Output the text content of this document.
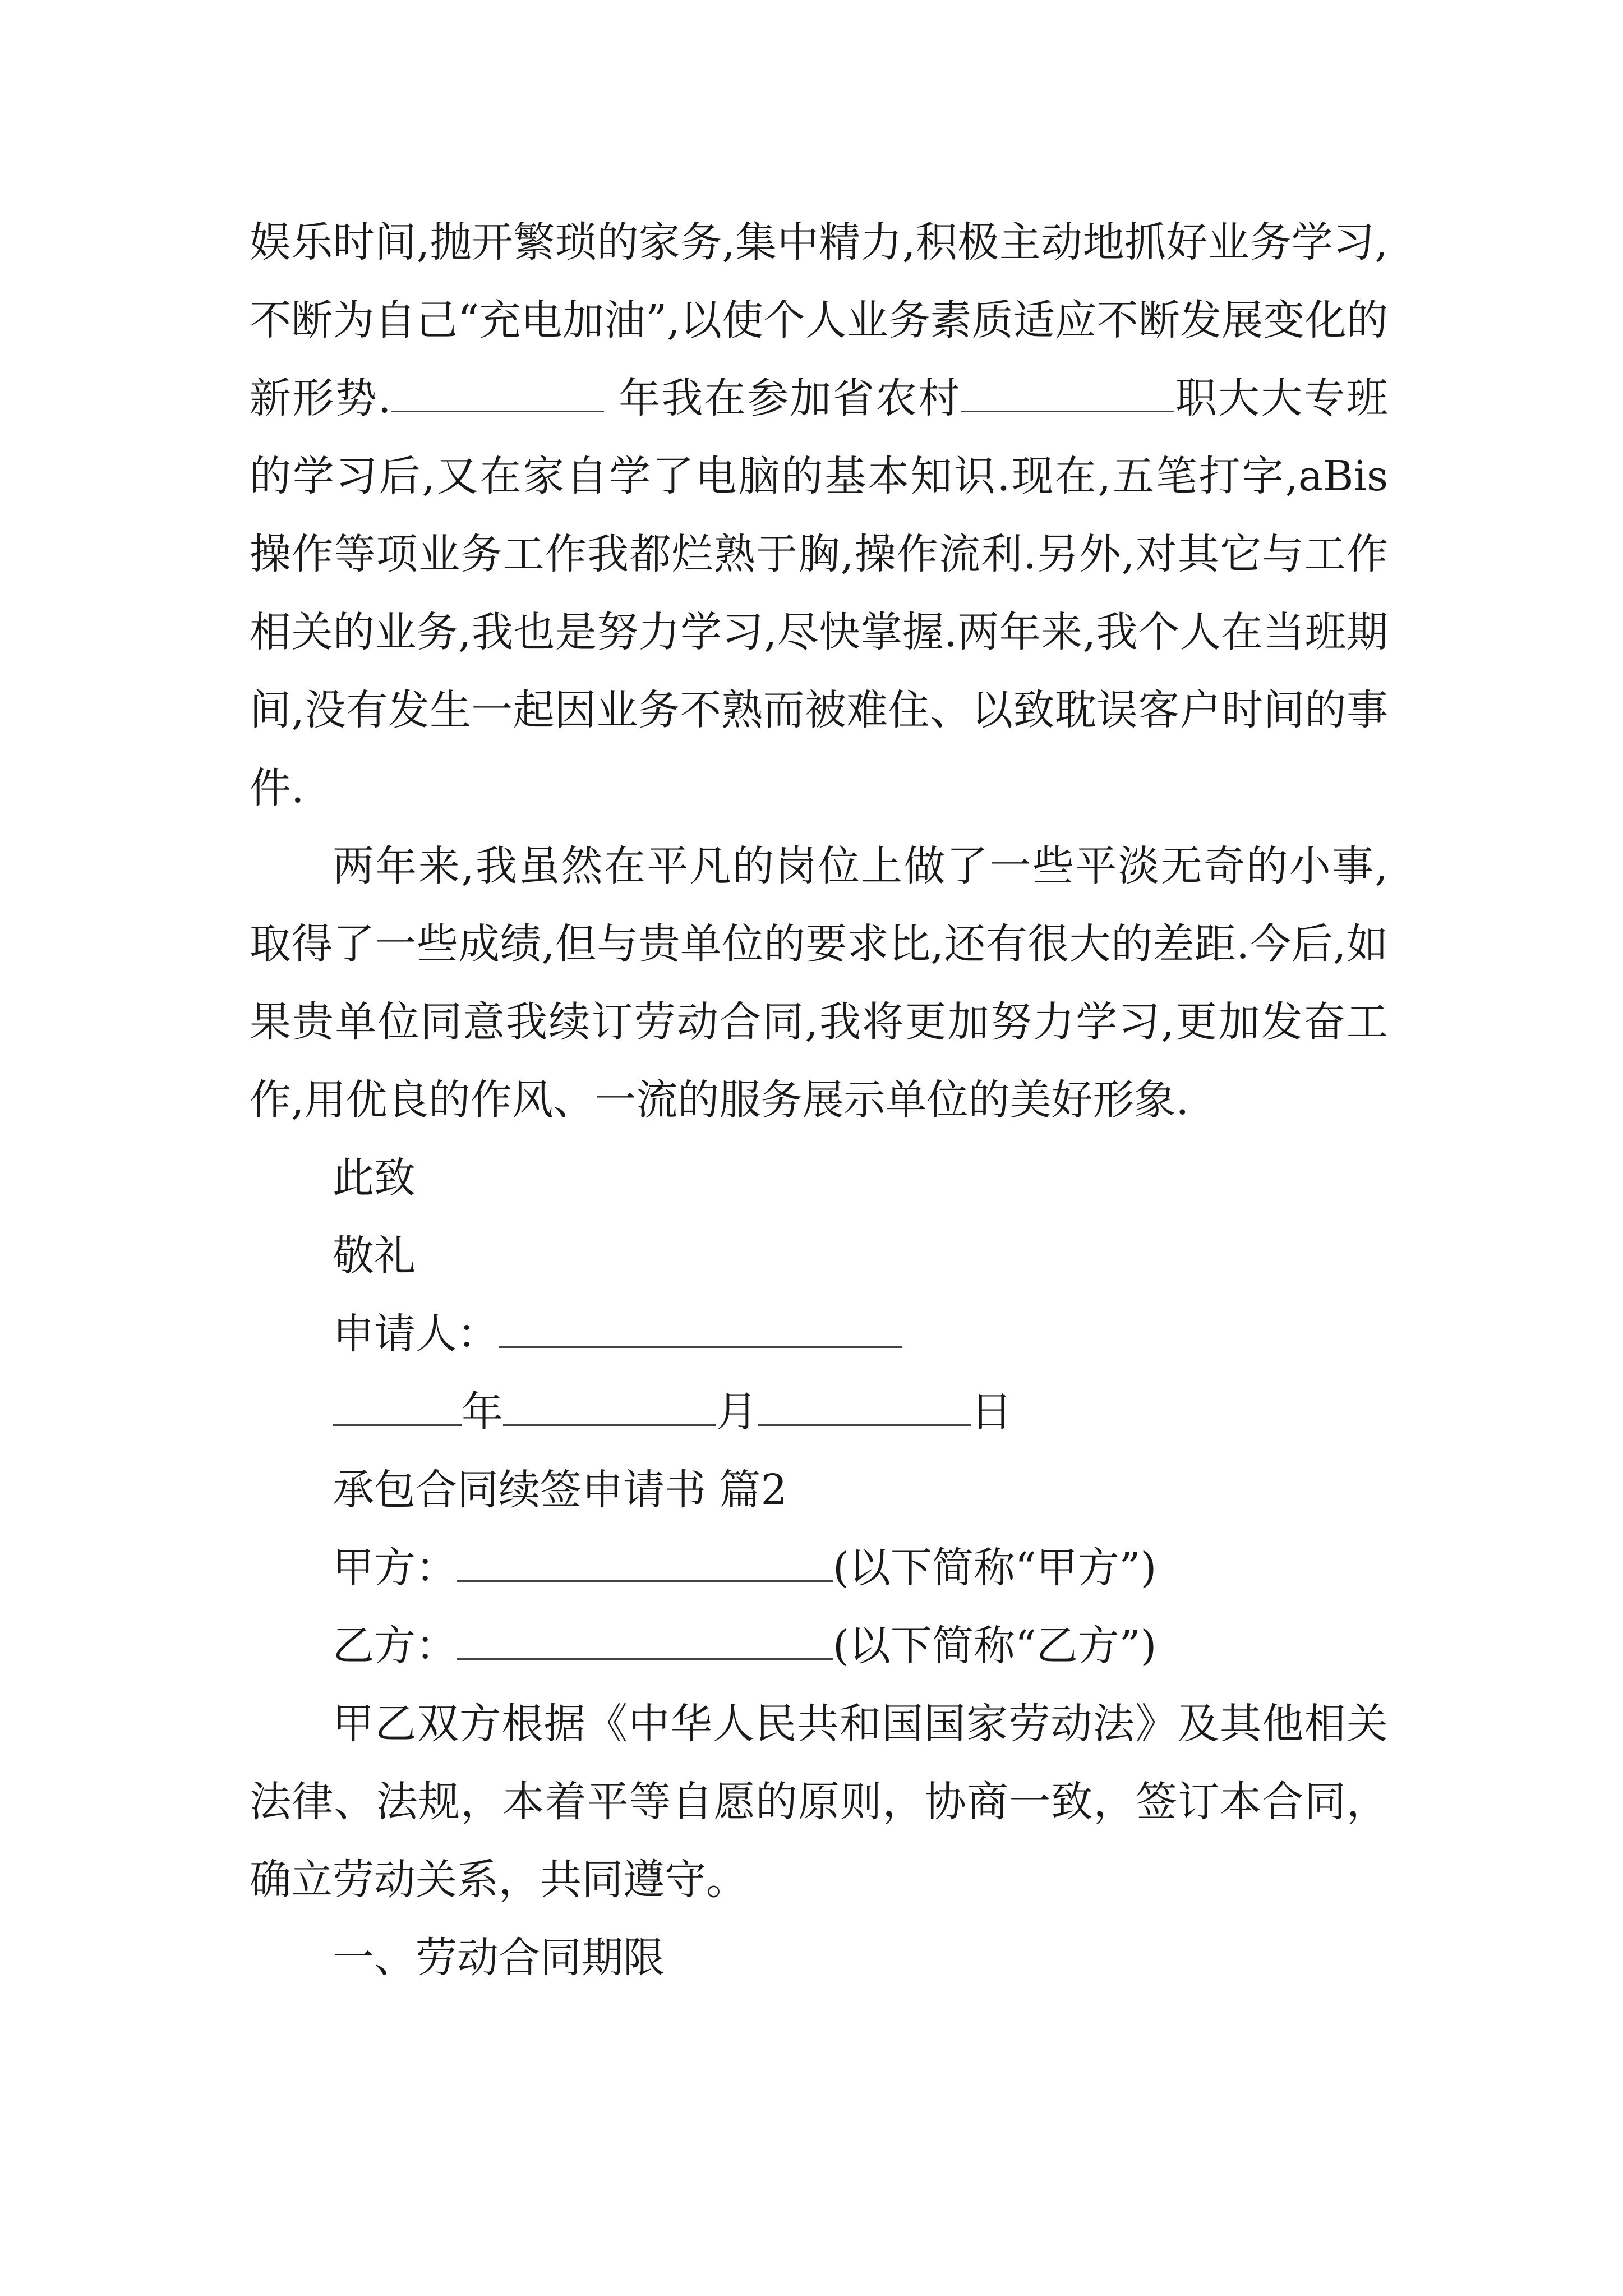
娱乐时间,抛开繁琐的家务,集中精力,积极主动地抓好业务学习,不断为自己“充电加油”,以使个人业务素质适应不断发展变化的新形势.	年我在参加省农村	职大大专班的学习后,又在家自学了电脑的基本知识.现在,五笔打字,aBis操作等项业务工作我都烂熟于胸,操作流利.另外,对其它与工作相关的业务,我也是努力学习,尽快掌握.两年来,我个人在当班期间,没有发生一起因业务不熟而被难住、以致耽误客户时间的事件.

两年来,我虽然在平凡的岗位上做了一些平淡无奇的小事,取得了一些成绩,但与贵单位的要求比,还有很大的差距.今后,如果贵单位同意我续订劳动合同,我将更加努力学习,更加发奋工作,用优良的作风、一流的服务展示单位的美好形象.

此致

敬礼

申请人：

年	月	日

承包合同续签申请书 篇2

甲方：	(以下简称“甲方”)

乙方：	(以下简称“乙方”)

甲乙双方根据《中华人民共和国国家劳动法》及其他相关法律、法规，本着平等自愿的原则，协商一致，签订本合同，确立劳动关系，共同遵守。

一、劳动合同期限
